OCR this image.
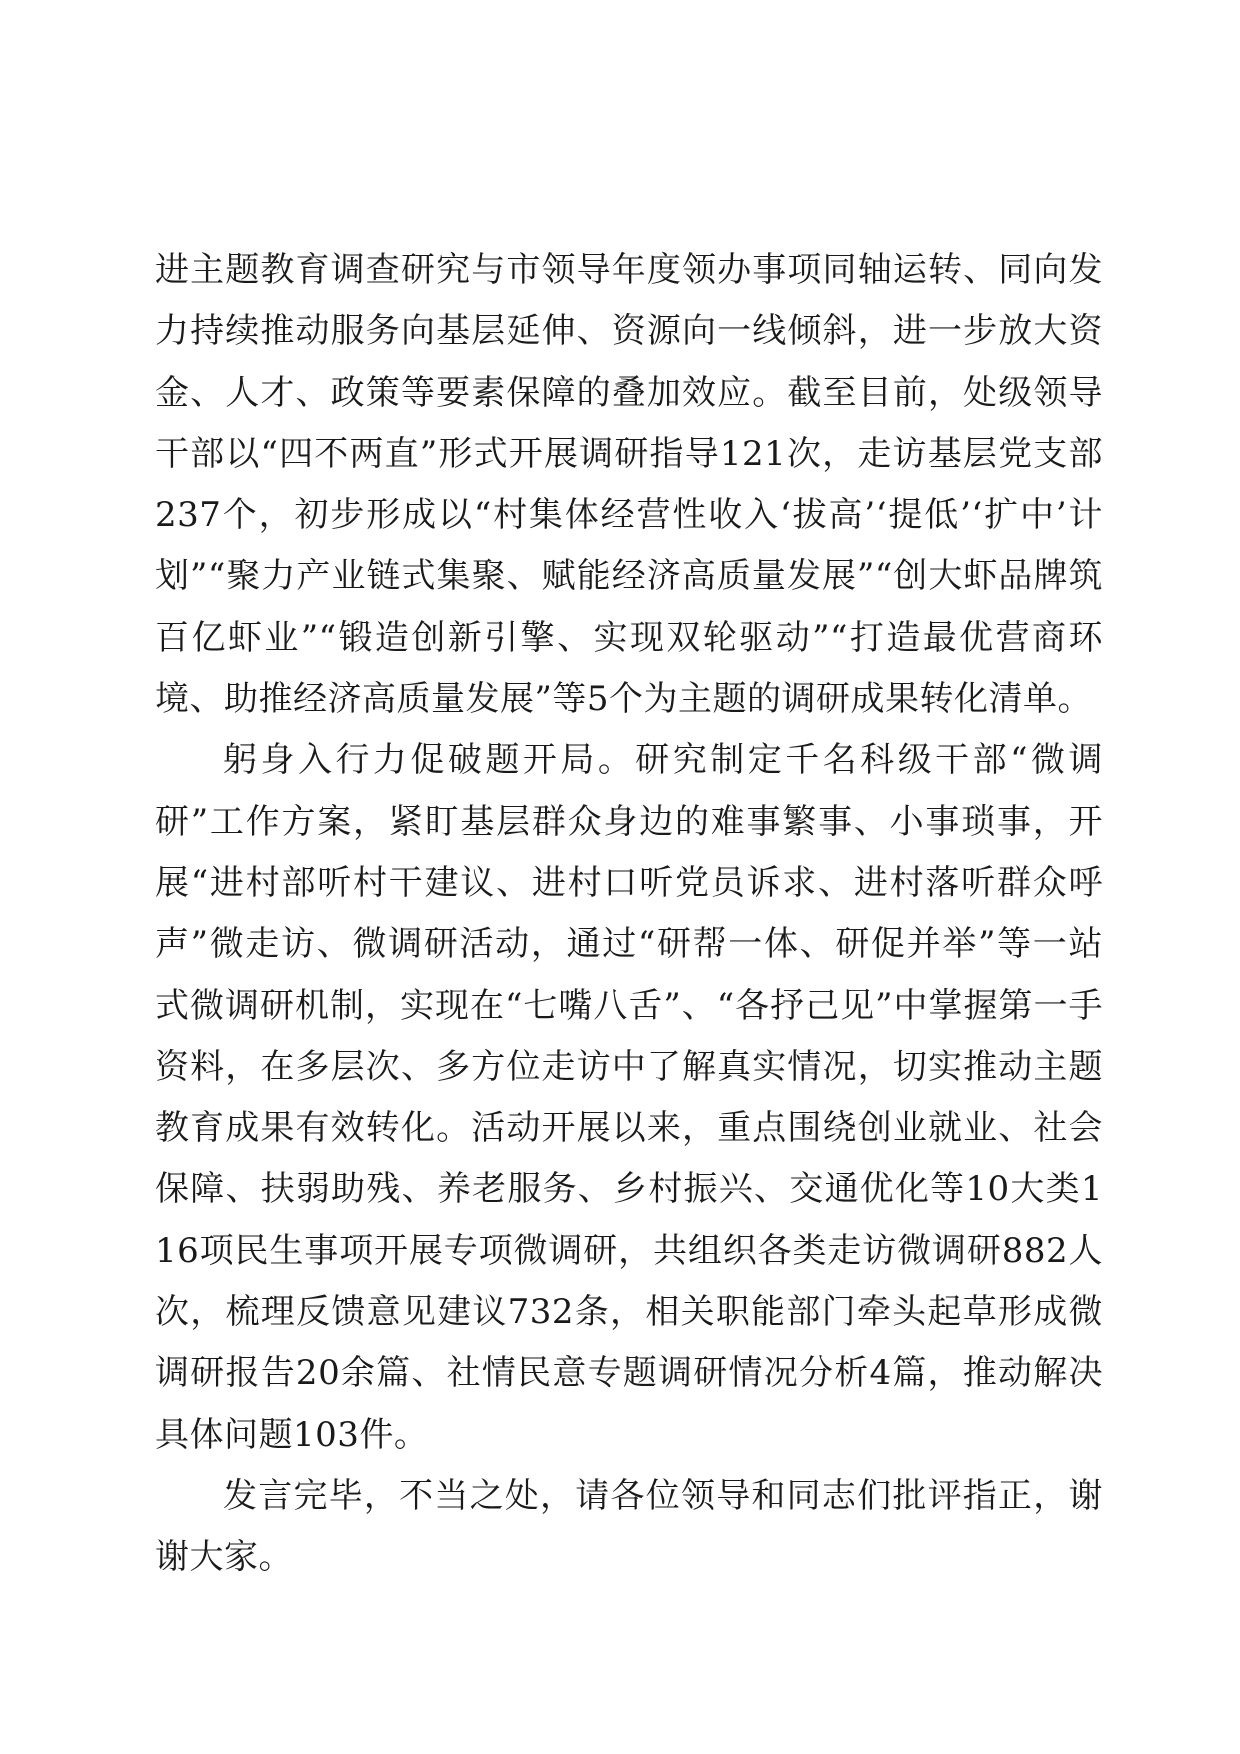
进主题教育调查研究与市领导年度领办事项同轴运转、同向发力持续推动服务向基层延伸、资源向一线倾斜，进一步放大资金、人才、政策等要素保障的叠加效应。截至目前，处级领导干部以“四不两直”形式开展调研指导121次，走访基层党支部237个，初步形成以“村集体经营性收入‘拔高’‘提低’‘扩中’计划”“聚力产业链式集聚、赋能经济高质量发展”“创大虾品牌筑百亿虾业”“锻造创新引擎、实现双轮驱动”“打造最优营商环境、助推经济高质量发展”等5个为主题的调研成果转化清单。

躬身入行力促破题开局。研究制定千名科级干部“微调研”工作方案，紧盯基层群众身边的难事繁事、小事琐事，开展“进村部听村干建议、进村口听党员诉求、进村落听群众呼声”微走访、微调研活动，通过“研帮一体、研促并举”等一站式微调研机制，实现在“七嘴八舌”、“各抒己见”中掌握第一手资料，在多层次、多方位走访中了解真实情况，切实推动主题教育成果有效转化。活动开展以来，重点围绕创业就业、社会保障、扶弱助残、养老服务、乡村振兴、交通优化等10大类116项民生事项开展专项微调研，共组织各类走访微调研882人次，梳理反馈意见建议732条，相关职能部门牵头起草形成微调研报告20余篇、社情民意专题调研情况分析4篇，推动解决具体问题103件。

发言完毕，不当之处，请各位领导和同志们批评指正，谢谢大家。
